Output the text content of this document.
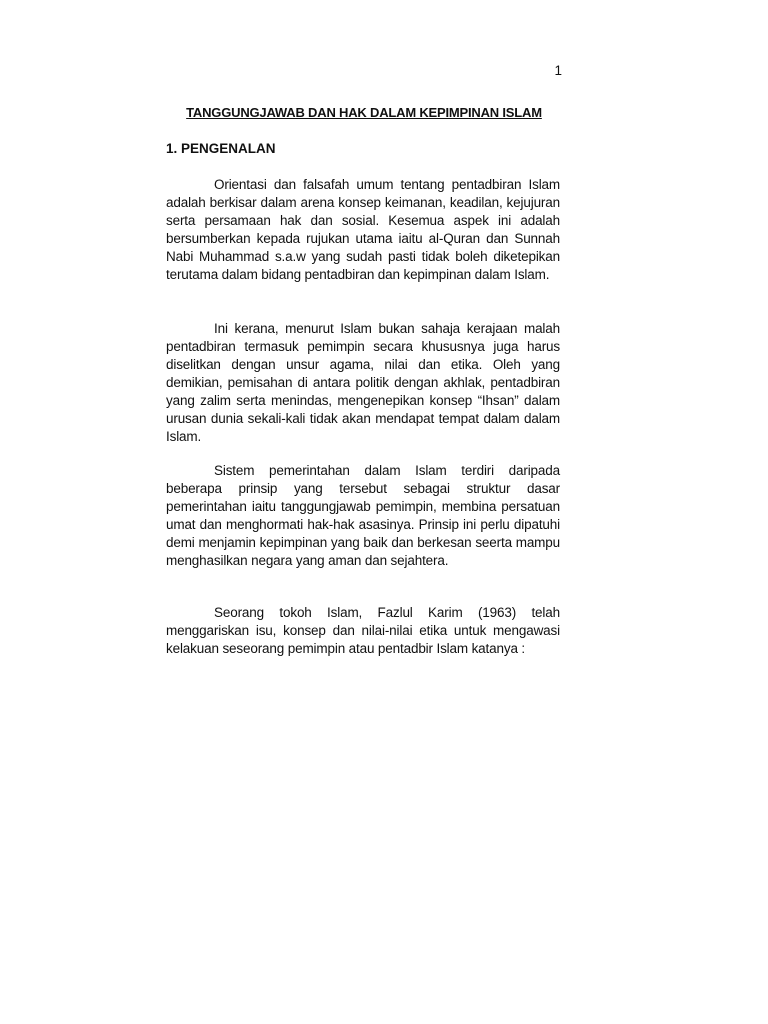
1
TANGGUNGJAWAB DAN HAK DALAM KEPIMPINAN ISLAM
1. PENGENALAN

Orientasi dan falsafah umum tentang pentadbiran Islam adalah berkisar dalam arena konsep keimanan, keadilan, kejujuran serta persamaan hak dan sosial. Kesemua aspek ini adalah bersumberkan kepada rujukan utama iaitu al-Quran dan Sunnah Nabi Muhammad s.a.w yang sudah pasti tidak boleh diketepikan terutama dalam bidang pentadbiran dan kepimpinan dalam Islam.

Ini kerana, menurut Islam bukan sahaja kerajaan malah pentadbiran termasuk pemimpin secara khususnya juga harus diselitkan dengan unsur agama, nilai dan etika. Oleh yang demikian, pemisahan di antara politik dengan akhlak, pentadbiran yang zalim serta menindas, mengenepikan konsep “Ihsan” dalam urusan dunia sekali-kali tidak akan mendapat tempat dalam dalam Islam.

Sistem pemerintahan dalam Islam terdiri daripada beberapa prinsip yang tersebut sebagai struktur dasar pemerintahan iaitu tanggungjawab pemimpin, membina persatuan umat dan menghormati hak-hak asasinya. Prinsip ini perlu dipatuhi demi menjamin kepimpinan yang baik dan berkesan seerta mampu menghasilkan negara yang aman dan sejahtera.

Seorang tokoh Islam, Fazlul Karim (1963) telah menggariskan isu, konsep dan nilai-nilai etika untuk mengawasi kelakuan seseorang pemimpin atau pentadbir Islam katanya :
